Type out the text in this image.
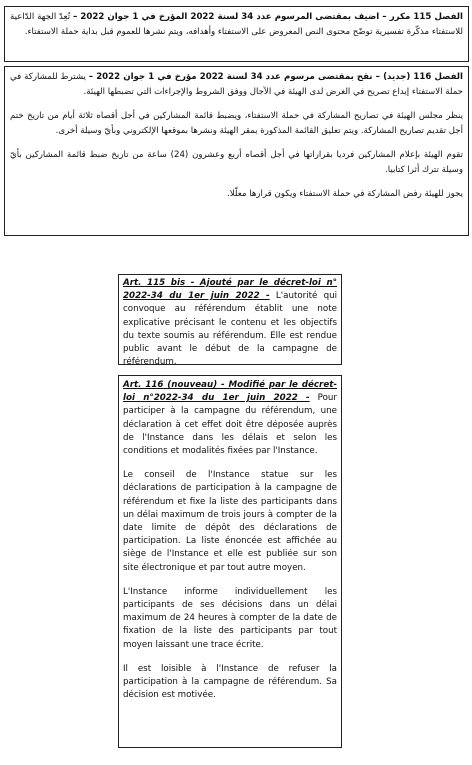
الفصل 115 مكرر – اضيف بمقتضى المرسوم عدد 34 لسنة 2022 المؤرخ في 1 جوان 2022 – تُعِدّ الجهة الدّاعية للاستفتاء مذكّرة تفسيرية توضّح محتوى النص المعروض على الاستفتاء وأهدافه، ويتم نشرها للعموم قبل بداية حملة الاستفتاء.

الفصل 116 (جديد) – نقح بمقتضى مرسوم عدد 34 لسنة 2022 مؤرخ في 1 جوان 2022 – يشترط للمشاركة في حملة الاستفتاء إيداع تصريح في الغرض لدى الهيئة في الآجال ووفق الشروط والإجراءات التي تضبطها الهيئة.

ينظر مجلس الهيئة في تصاريح المشاركة في حملة الاستفتاء، ويضبط قائمة المشاركين في أجل أقصاه ثلاثة أيام من تاريخ ختم أجل تقديم تصاريح المشاركة. ويتم تعليق القائمة المذكورة بمقر الهيئة ونشرها بموقعها الإلكتروني وبأيّ وسيلة أخرى.

تقوم الهيئة بإعلام المشاركين فرديا بقراراتها في أجل أقصاه أربع وعشرون (24) ساعة من تاريخ ضبط قائمة المشاركين بأيّ وسيلة تترك أثرا كتابيا.

يجوز للهيئة رفض المشاركة في حملة الاستفتاء ويكون قرارها معلّلا.

Art. 115 bis - Ajouté par le décret-loi n° 2022-34 du 1er juin 2022 - L'autorité qui convoque au référendum établit une note explicative précisant le contenu et les objectifs du texte soumis au référendum. Elle est rendue public avant le début de la campagne de référendum.

Art. 116 (nouveau) - Modifié par le décret- loi n°2022-34 du 1er juin 2022 - Pour participer à la campagne du référendum, une déclaration à cet effet doit être déposée auprès de l'Instance dans les délais et selon les conditions et modalités fixées par l'Instance.

Le conseil de l'Instance statue sur les déclarations de participation à la campagne de référendum et fixe la liste des participants dans un délai maximum de trois jours à compter de la date limite de dépôt des déclarations de participation. La liste énoncée est affichée au siège de l'Instance et elle est publiée sur son site électronique et par tout autre moyen.

L'Instance informe individuellement les participants de ses décisions dans un délai maximum de 24 heures à compter de la date de fixation de la liste des participants par tout moyen laissant une trace écrite.

Il est loisible à l'Instance de refuser la participation à la campagne de référendum. Sa décision est motivée.
